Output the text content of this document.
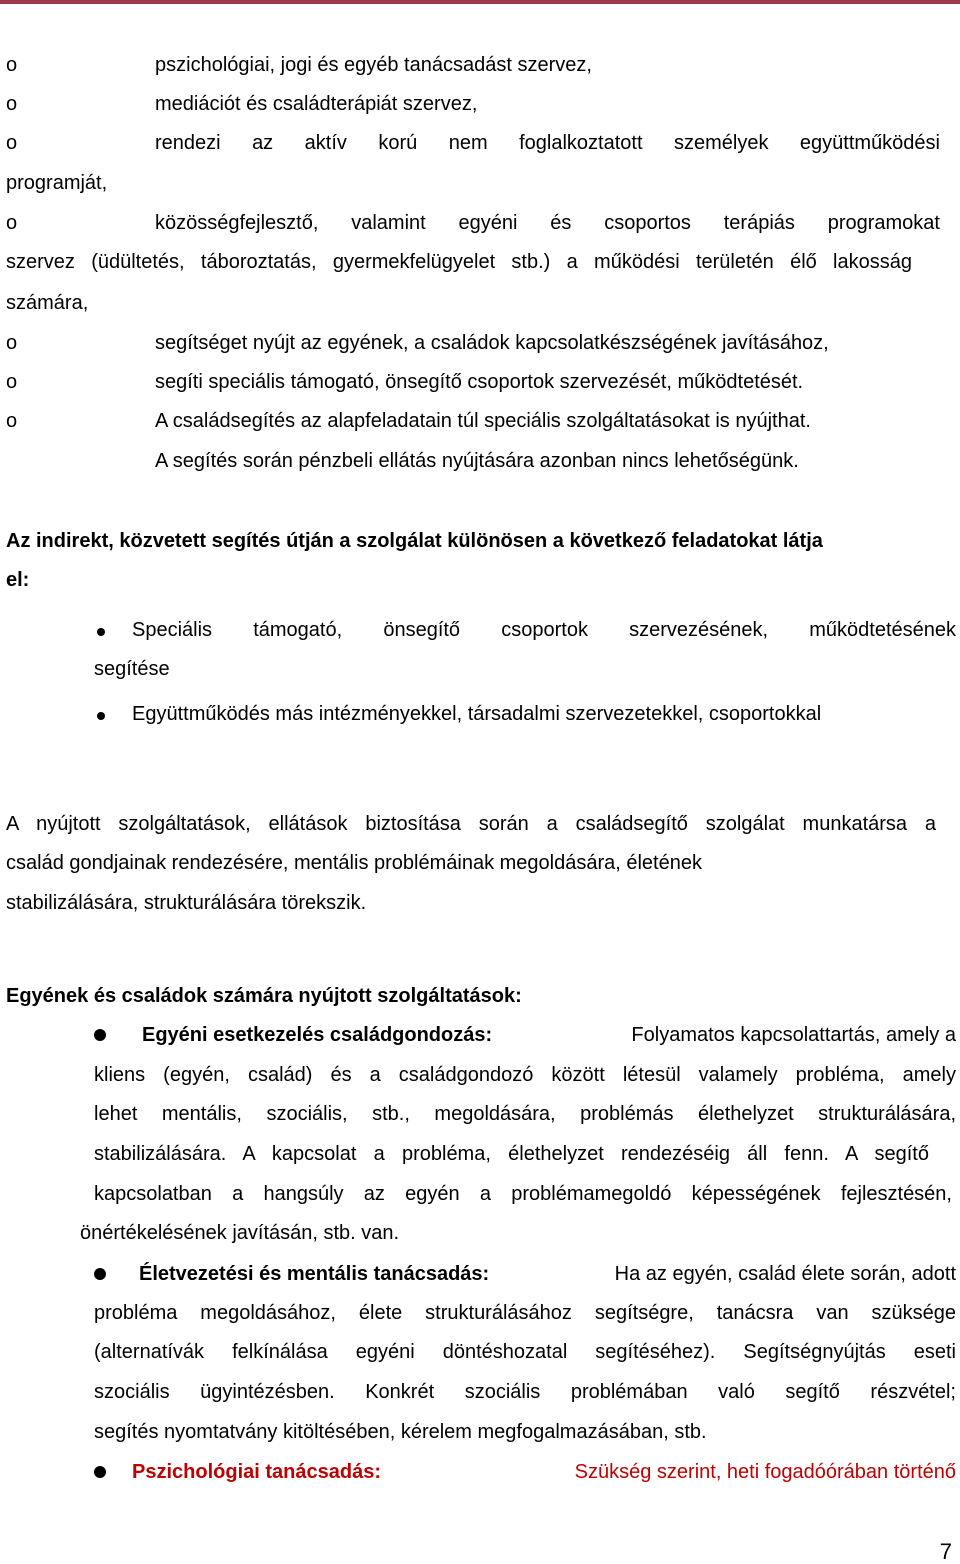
o	pszichológiai, jogi és egyéb tanácsadást szervez,
o	mediációt és családterápiát szervez,
o	rendezi az aktív korú nem foglalkoztatott személyek együttműködési
programját,
o	közösségfejlesztő, valamint egyéni és csoportos terápiás programokat
szervez (üdültetés, táboroztatás, gyermekfelügyelet stb.) a működési területén élő lakosság
számára,
o	segítséget nyújt az egyének, a családok kapcsolatkészségének javításához,
o	segíti speciális támogató, önsegítő csoportok szervezését, működtetését.
o	A családsegítés az alapfeladatain túl speciális szolgáltatásokat is nyújthat.
A segítés során pénzbeli ellátás nyújtására azonban nincs lehetőségünk.
Az indirekt, közvetett segítés útján a szolgálat különösen a következő feladatokat látja
el:
Speciális támogató, önsegítő csoportok szervezésének, működtetésének
segítése
Együttműködés más intézményekkel, társadalmi szervezetekkel, csoportokkal
A nyújtott szolgáltatások, ellátások biztosítása során a családsegítő szolgálat munkatársa a
család gondjainak rendezésére, mentális problémáinak megoldására, életének
stabilizálására, strukturálására törekszik.
Egyének és családok számára nyújtott szolgáltatások:
Egyéni esetkezelés családgondozás:	Folyamatos kapcsolattartás, amely a
kliens (egyén, család) és a családgondozó között létesül valamely probléma, amely
lehet mentális, szociális, stb., megoldására, problémás élethelyzet strukturálására,
stabilizálására. A kapcsolat a probléma, élethelyzet rendezéséig áll fenn. A segítő
kapcsolatban a hangsúly az egyén a problémamegoldó képességének fejlesztésén,
önértékelésének javításán, stb. van.
Életvezetési és mentális tanácsadás:	Ha az egyén, család élete során, adott
probléma megoldásához, élete strukturálásához segítségre, tanácsra van szüksége
(alternatívák felkínálása egyéni döntéshozatal segítéséhez). Segítségnyújtás eseti
szociális ügyintézésben. Konkrét szociális problémában való segítő részvétel;
segítés nyomtatvány kitöltésében, kérelem megfogalmazásában, stb.
Pszichológiai tanácsadás:	Szükség szerint, heti fogadóórában történő
7
